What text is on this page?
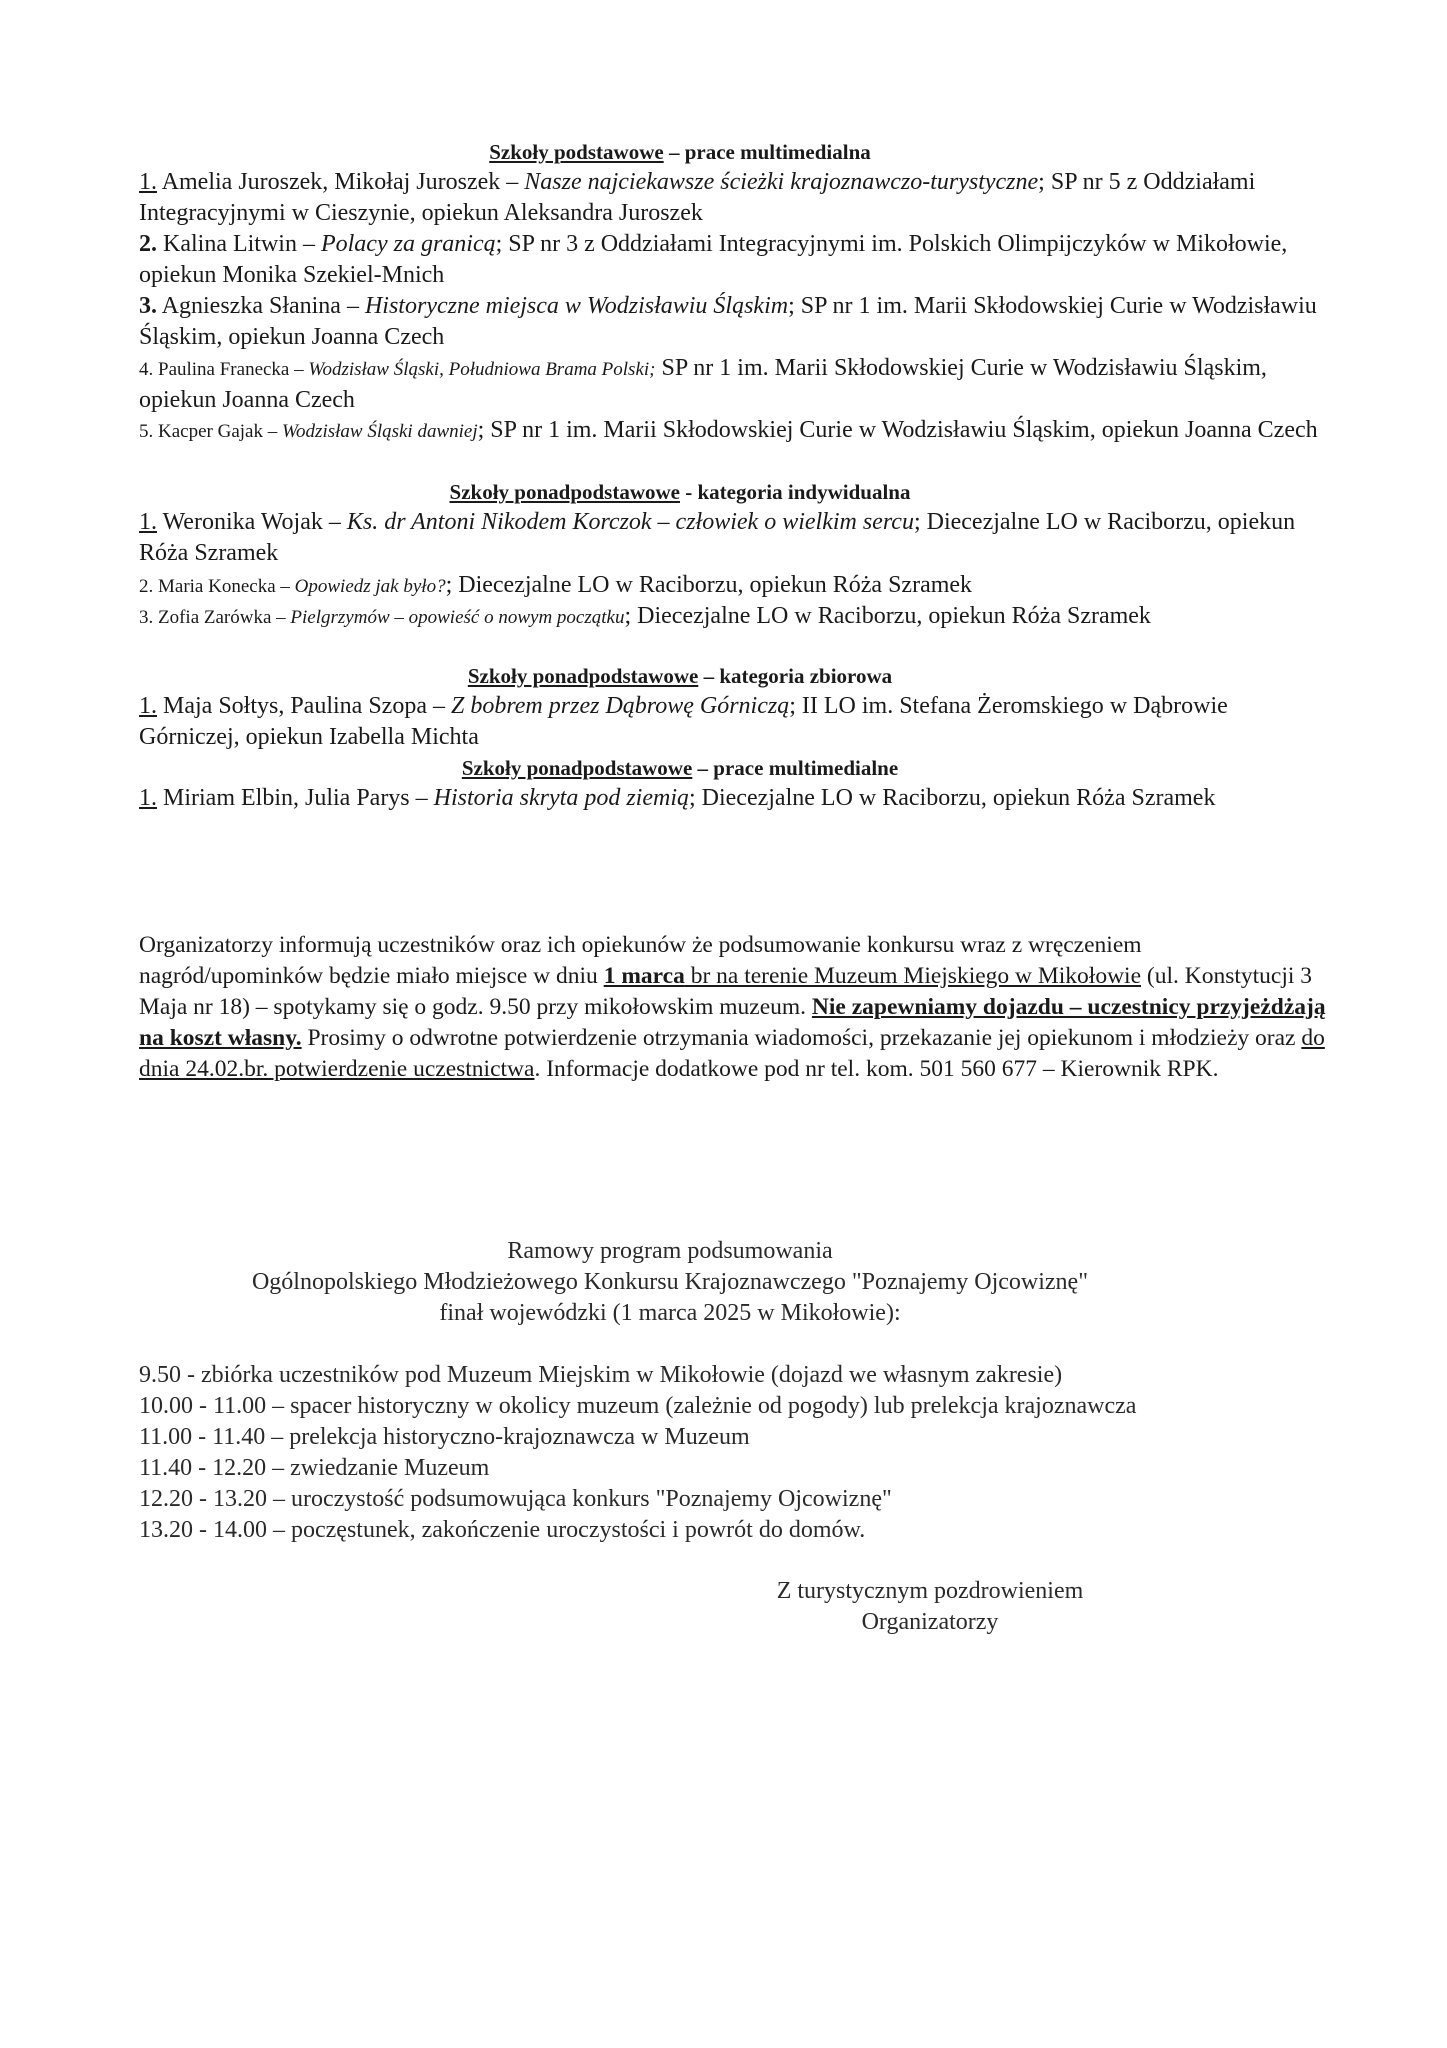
Szkoły podstawowe – prace multimedialna
1. Amelia Juroszek, Mikołaj Juroszek – Nasze najciekawsze ścieżki krajoznawczo-turystyczne; SP nr 5 z Oddziałami Integracyjnymi w Cieszynie, opiekun Aleksandra Juroszek
2. Kalina Litwin – Polacy za granicą; SP nr 3 z Oddziałami Integracyjnymi im. Polskich Olimpijczyków w Mikołowie, opiekun Monika Szekiel-Mnich
3. Agnieszka Słanina – Historyczne miejsca w Wodzisławiu Śląskim; SP nr 1 im. Marii Skłodowskiej Curie w Wodzisławiu Śląskim, opiekun Joanna Czech
4. Paulina Franecka – Wodzisław Śląski, Południowa Brama Polski; SP nr 1 im. Marii Skłodowskiej Curie w Wodzisławiu Śląskim, opiekun Joanna Czech
5. Kacper Gajak – Wodzisław Śląski dawniej; SP nr 1 im. Marii Skłodowskiej Curie w Wodzisławiu Śląskim, opiekun Joanna Czech
Szkoły ponadpodstawowe - kategoria indywidualna
1. Weronika Wojak – Ks. dr Antoni Nikodem Korczok – człowiek o wielkim sercu; Diecezjalne LO w Raciborzu, opiekun Róża Szramek
2. Maria Konecka – Opowiedz jak było?; Diecezjalne LO w Raciborzu, opiekun Róża Szramek
3. Zofia Zarówka – Pielgrzymów – opowieść o nowym początku; Diecezjalne LO w Raciborzu, opiekun Róża Szramek
Szkoły ponadpodstawowe – kategoria zbiorowa
1. Maja Sołtys, Paulina Szopa – Z bobrem przez Dąbrowę Górniczą; II LO im. Stefana Żeromskiego w Dąbrowie Górniczej, opiekun Izabella Michta
Szkoły ponadpodstawowe – prace multimedialne
1. Miriam Elbin, Julia Parys – Historia skryta pod ziemią; Diecezjalne LO w Raciborzu, opiekun Róża Szramek
Organizatorzy informują uczestników oraz ich opiekunów że podsumowanie konkursu wraz z wręczeniem nagród/upominków będzie miało miejsce w dniu 1 marca br na terenie Muzeum Miejskiego w Mikołowie (ul. Konstytucji 3 Maja nr 18) – spotykamy się o godz. 9.50 przy mikołowskim muzeum. Nie zapewniamy dojazdu – uczestnicy przyjeżdżają na koszt własny. Prosimy o odwrotne potwierdzenie otrzymania wiadomości, przekazanie jej opiekunom i młodzieży oraz do dnia 24.02.br. potwierdzenie uczestnictwa. Informacje dodatkowe pod nr tel. kom. 501 560 677 – Kierownik RPK.
Ramowy program podsumowania
Ogólnopolskiego Młodzieżowego Konkursu Krajoznawczego "Poznajemy Ojcowiznę"
finał wojewódzki (1 marca 2025 w Mikołowie):
9.50 - zbiórka uczestników pod Muzeum Miejskim w Mikołowie (dojazd we własnym zakresie)
10.00 - 11.00 – spacer historyczny w okolicy muzeum (zależnie od pogody) lub prelekcja krajoznawcza
11.00 - 11.40 – prelekcja historyczno-krajoznawcza w Muzeum
11.40 - 12.20 – zwiedzanie Muzeum
12.20 - 13.20 – uroczystość podsumowująca konkurs "Poznajemy Ojcowiznę"
13.20 - 14.00 – poczęstunek, zakończenie uroczystości i powrót do domów.
Z turystycznym pozdrowieniem
Organizatorzy
